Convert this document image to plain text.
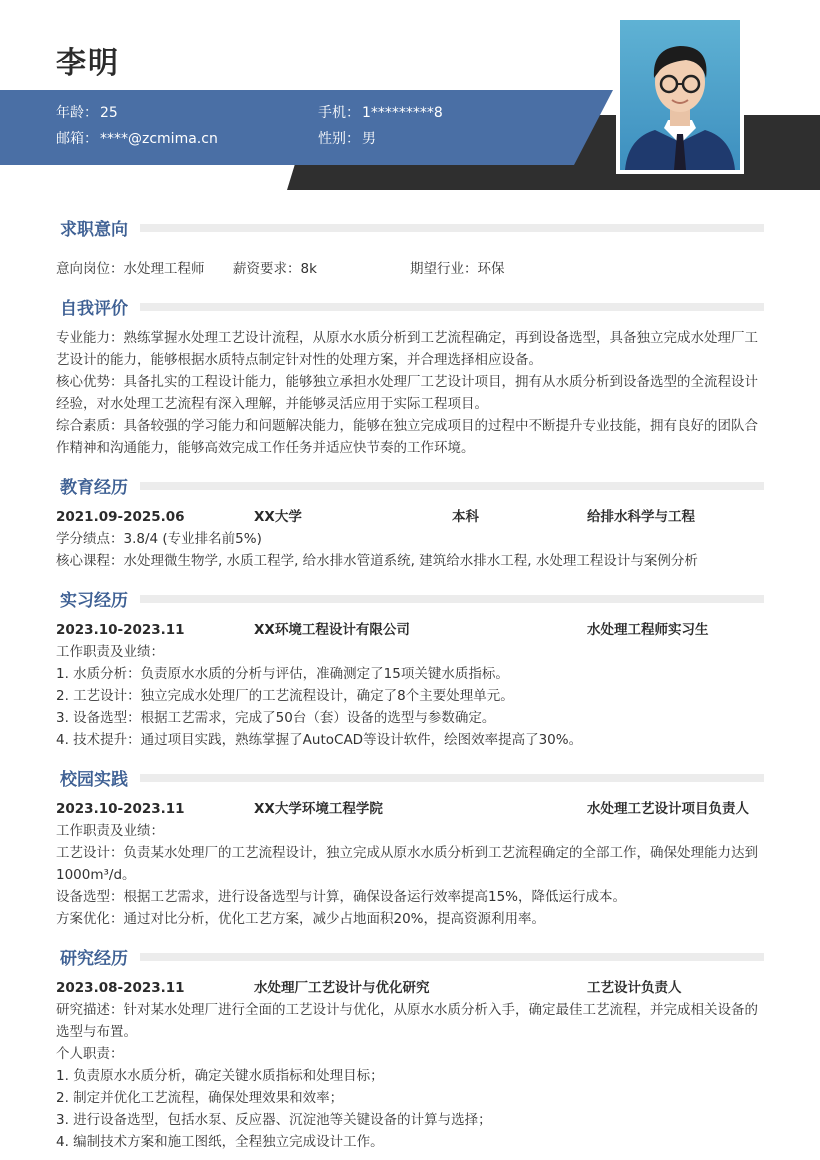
李明
年龄： 25	手机： 1*********8
邮箱： ****@zcmima.cn	性别： 男
求职意向
意向岗位：水处理工程师	薪资要求：8k	期望行业：环保
自我评价
专业能力：熟练掌握水处理工艺设计流程，从原水水质分析到工艺流程确定，再到设备选型，具备独立完成水处理厂工艺设计的能力，能够根据水质特点制定针对性的处理方案，并合理选择相应设备。
核心优势：具备扎实的工程设计能力，能够独立承担水处理厂工艺设计项目，拥有从水质分析到设备选型的全流程设计经验，对水处理工艺流程有深入理解，并能够灵活应用于实际工程项目。
综合素质：具备较强的学习能力和问题解决能力，能够在独立完成项目的过程中不断提升专业技能，拥有良好的团队合作精神和沟通能力，能够高效完成工作任务并适应快节奏的工作环境。
教育经历
2021.09-2025.06	XX大学	本科	给排水科学与工程
学分绩点：3.8/4 (专业排名前5%)
核心课程：水处理微生物学, 水质工程学, 给水排水管道系统, 建筑给水排水工程, 水处理工程设计与案例分析
实习经历
2023.10-2023.11	XX环境工程设计有限公司	水处理工程师实习生
工作职责及业绩：
1. 水质分析：负责原水水质的分析与评估，准确测定了15项关键水质指标。
2. 工艺设计：独立完成水处理厂的工艺流程设计，确定了8个主要处理单元。
3. 设备选型：根据工艺需求，完成了50台（套）设备的选型与参数确定。
4. 技术提升：通过项目实践，熟练掌握了AutoCAD等设计软件，绘图效率提高了30%。
校园实践
2023.10-2023.11	XX大学环境工程学院	水处理工艺设计项目负责人
工作职责及业绩：
工艺设计：负责某水处理厂的工艺流程设计，独立完成从原水水质分析到工艺流程确定的全部工作，确保处理能力达到1000m³/d。
设备选型：根据工艺需求，进行设备选型与计算，确保设备运行效率提高15%，降低运行成本。
方案优化：通过对比分析，优化工艺方案，减少占地面积20%，提高资源利用率。
研究经历
2023.08-2023.11	水处理厂工艺设计与优化研究	工艺设计负责人
研究描述：针对某水处理厂进行全面的工艺设计与优化，从原水水质分析入手，确定最佳工艺流程，并完成相关设备的选型与布置。
个人职责：
1. 负责原水水质分析，确定关键水质指标和处理目标；
2. 制定并优化工艺流程，确保处理效果和效率；
3. 进行设备选型，包括水泵、反应器、沉淀池等关键设备的计算与选择；
4. 编制技术方案和施工图纸，全程独立完成设计工作。
